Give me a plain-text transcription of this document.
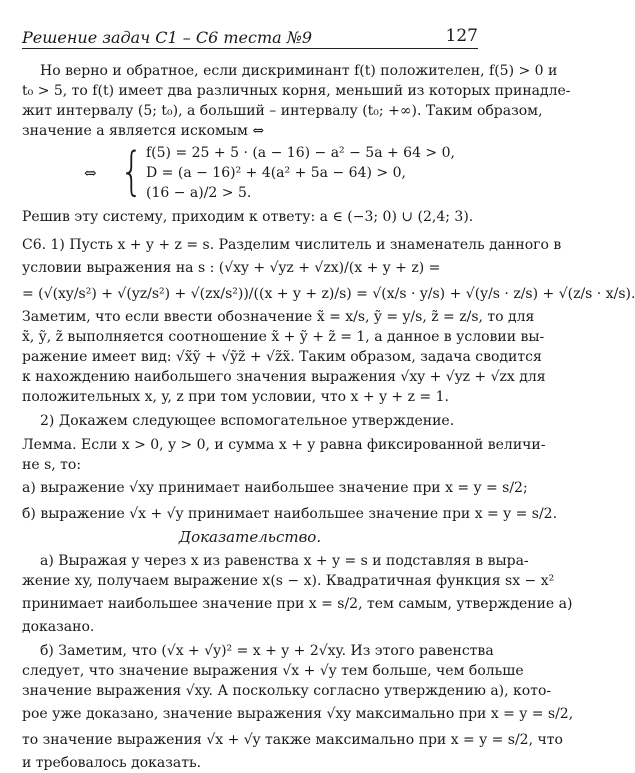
Решение задач С1 – С6 теста №9	127
Но верно и обратное, если дискриминант f(t) положителен, f(5) > 0 и
t₀ > 5, то f(t) имеет два различных корня, меньший из которых принадле-
жит интервалу (5; t₀), а больший – интервалу (t₀; +∞). Таким образом,
значение a является искомым ⇔
⇔ { f(5) = 25 + 5 · (a − 16) − a² − 5a + 64 > 0,
D = (a − 16)² + 4(a² + 5a − 64) > 0,
(16 − a)/2 > 5.
Решив эту систему, приходим к ответу: a ∈ (−3; 0) ∪ (2,4; 3).
С6. 1) Пусть x + y + z = s. Разделим числитель и знаменатель данного в
условии выражения на s : (√xy + √yz + √zx)/(x + y + z) =
= (√(xy/s²) + √(yz/s²) + √(zx/s²))/((x + y + z)/s) = √(x/s · y/s) + √(y/s · z/s) + √(z/s · x/s).
Заметим, что если ввести обозначение x̃ = x/s, ỹ = y/s, z̃ = z/s, то для
x̃, ỹ, z̃ выполняется соотношение x̃ + ỹ + z̃ = 1, а данное в условии вы-
ражение имеет вид: √x̃ỹ + √ỹz̃ + √z̃x̃. Таким образом, задача сводится
к нахождению наибольшего значения выражения √xy + √yz + √zx для
положительных x, y, z при том условии, что x + y + z = 1.
2) Докажем следующее вспомогательное утверждение.
Лемма. Если x > 0, y > 0, и сумма x + y равна фиксированной величи-
не s, то:
а) выражение √xy принимает наибольшее значение при x = y = s/2;
б) выражение √x + √y принимает наибольшее значение при x = y = s/2.
Доказательство.
а) Выражая y через x из равенства x + y = s и подставляя в выра-
жение xy, получаем выражение x(s − x). Квадратичная функция sx − x²
принимает наибольшее значение при x = s/2, тем самым, утверждение а)
доказано.
б) Заметим, что (√x + √y)² = x + y + 2√xy. Из этого равенства
следует, что значение выражения √x + √y тем больше, чем больше
значение выражения √xy. А поскольку согласно утверждению а), кото-
рое уже доказано, значение выражения √xy максимально при x = y = s/2,
то значение выражения √x + √y также максимально при x = y = s/2, что
и требовалось доказать.
